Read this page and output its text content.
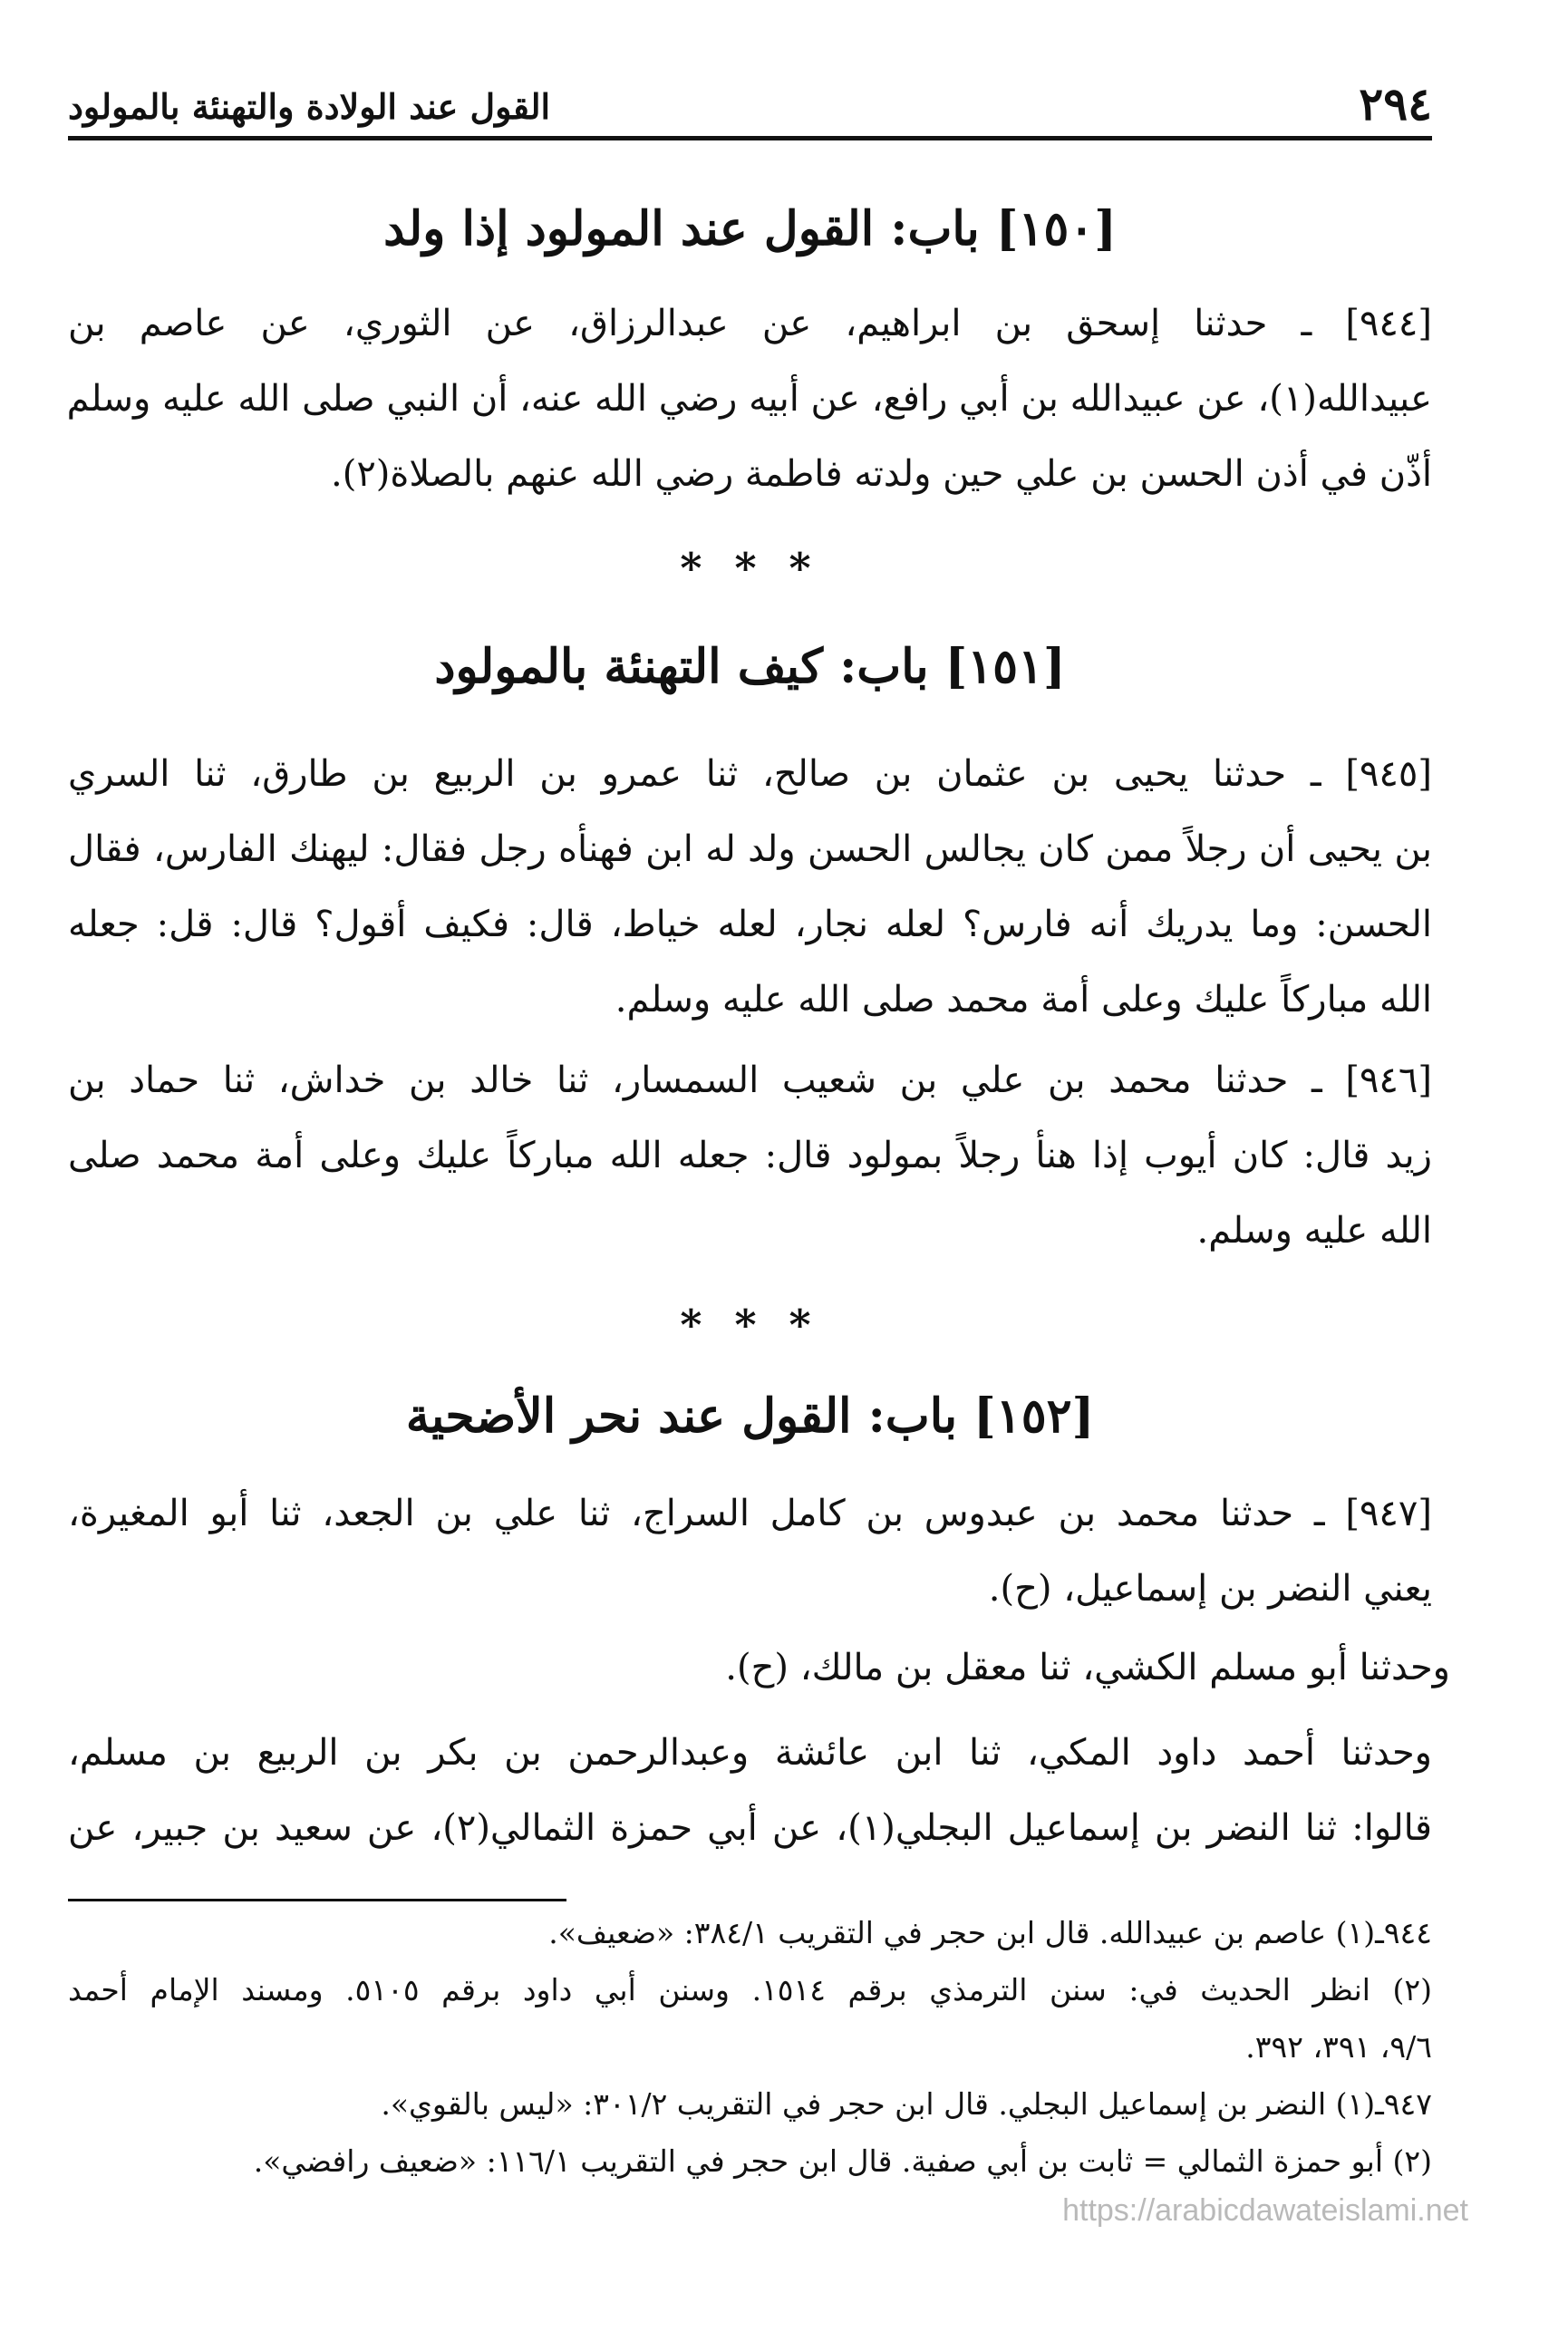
٢٩٤
القول عند الولادة والتهنئة بالمولود
[١٥٠] باب: القول عند المولود إذا ولد
[٩٤٤] ـ حدثنا إسحق بن ابراهيم، عن عبدالرزاق، عن الثوري، عن عاصم بن
عبيدالله(١)، عن عبيدالله بن أبي رافع، عن أبيه رضي الله عنه، أن النبي صلى الله عليه وسلم
أذّن في أذن الحسن بن علي حين ولدته فاطمة رضي الله عنهم بالصلاة(٢).
* * *
[١٥١] باب: كيف التهنئة بالمولود
[٩٤٥] ـ حدثنا يحيى بن عثمان بن صالح، ثنا عمرو بن الربيع بن طارق، ثنا السري
بن يحيى أن رجلاً ممن كان يجالس الحسن ولد له ابن فهنأه رجل فقال: ليهنك الفارس، فقال
الحسن: وما يدريك أنه فارس؟ لعله نجار، لعله خياط، قال: فكيف أقول؟ قال: قل: جعله
الله مباركاً عليك وعلى أمة محمد صلى الله عليه وسلم.
[٩٤٦] ـ حدثنا محمد بن علي بن شعيب السمسار، ثنا خالد بن خداش، ثنا حماد بن
زيد قال: كان أيوب إذا هنأ رجلاً بمولود قال: جعله الله مباركاً عليك وعلى أمة محمد صلى
الله عليه وسلم.
* * *
[١٥٢] باب: القول عند نحر الأضحية
[٩٤٧] ـ حدثنا محمد بن عبدوس بن كامل السراج، ثنا علي بن الجعد، ثنا أبو المغيرة،
يعني النضر بن إسماعيل، (ح).
وحدثنا أبو مسلم الكشي، ثنا معقل بن مالك، (ح).
وحدثنا أحمد داود المكي، ثنا ابن عائشة وعبدالرحمن بن بكر بن الربيع بن مسلم،
قالوا: ثنا النضر بن إسماعيل البجلي(١)، عن أبي حمزة الثمالي(٢)، عن سعيد بن جبير، عن
٩٤٤ـ(١) عاصم بن عبيدالله. قال ابن حجر في التقريب ٣٨٤/١: «ضعيف».
(٢) انظر الحديث في: سنن الترمذي برقم ١٥١٤. وسنن أبي داود برقم ٥١٠٥. ومسند الإمام أحمد
٩/٦، ٣٩١، ٣٩٢.
٩٤٧ـ(١) النضر بن إسماعيل البجلي. قال ابن حجر في التقريب ٣٠١/٢: «ليس بالقوي».
(٢) أبو حمزة الثمالي = ثابت بن أبي صفية. قال ابن حجر في التقريب ١١٦/١: «ضعيف رافضي».
https://arabicdawateislami.net
